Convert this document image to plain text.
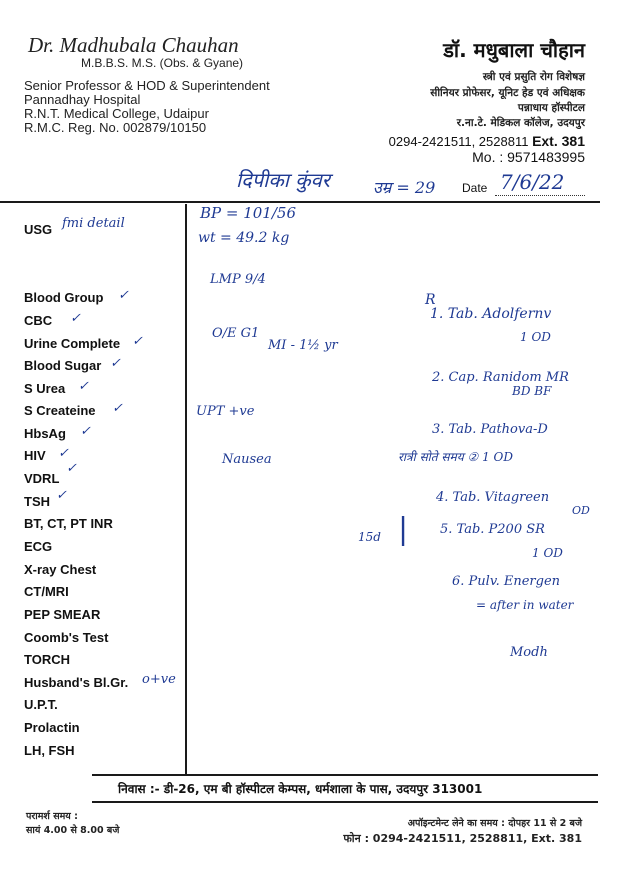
Dr. Madhubala Chauhan
M.B.B.S. M.S. (Obs. & Gyane)
Senior Professor & HOD & Superintendent
Pannadhay Hospital
R.N.T. Medical College, Udaipur
R.M.C. Reg. No. 002879/10150
डॉ. मधुबाला चौहान
स्त्री एवं प्रसुति रोग विशेषज्ञ
सीनियर प्रोफेसर, यूनिट हेड एवं अधिक्षक
पन्नाधाय हॉस्पीटल
र.ना.टे. मेडिकल कॉलेज, उदयपुर
0294-2421511, 2528811 Ext. 381
Mo. : 9571483995
दिपीका कुंवर	उम्र = 29 Date 7/6/22
USG fmi detail
Blood Group ✓
CBC ✓
Urine Complete ✓
Blood Sugar ✓
S Urea ✓
S Createine ✓
HbsAg ✓
HIV ✓
VDRL
✓
TSH ✓
BT, CT, PT INR
ECG
X-ray Chest
CT/MRI
PEP SMEAR
Coomb's Test
TORCH
Husband's Bl.Gr. o+ve
U.P.T.
Prolactin
LH, FSH
BP = 101/56
wt = 49.2 kg
LMP 9/4
O/E G1
MI - 1½ yr
UPT +ve
Nausea
R
1. Tab. Adolfernv
1 OD
2. Cap. Ranidom MR
BD BF
3. Tab. Pathova-D
रात्री सोते समय ② 1 OD
4. Tab. Vitagreen
OD
5. Tab. P200 SR
1 OD
6. Pulv. Energen
= after in water
15d |
Modh
निवास :- डी-26, एम बी हॉस्पीटल केम्पस, धर्मशाला के पास, उदयपुर 313001
परामर्श समय :
सायं 4.00 से 8.00 बजे
अपॉइन्टमेन्ट लेने का समय : दोपहर 11 से 2 बजे
फोन : 0294-2421511, 2528811, Ext. 381
